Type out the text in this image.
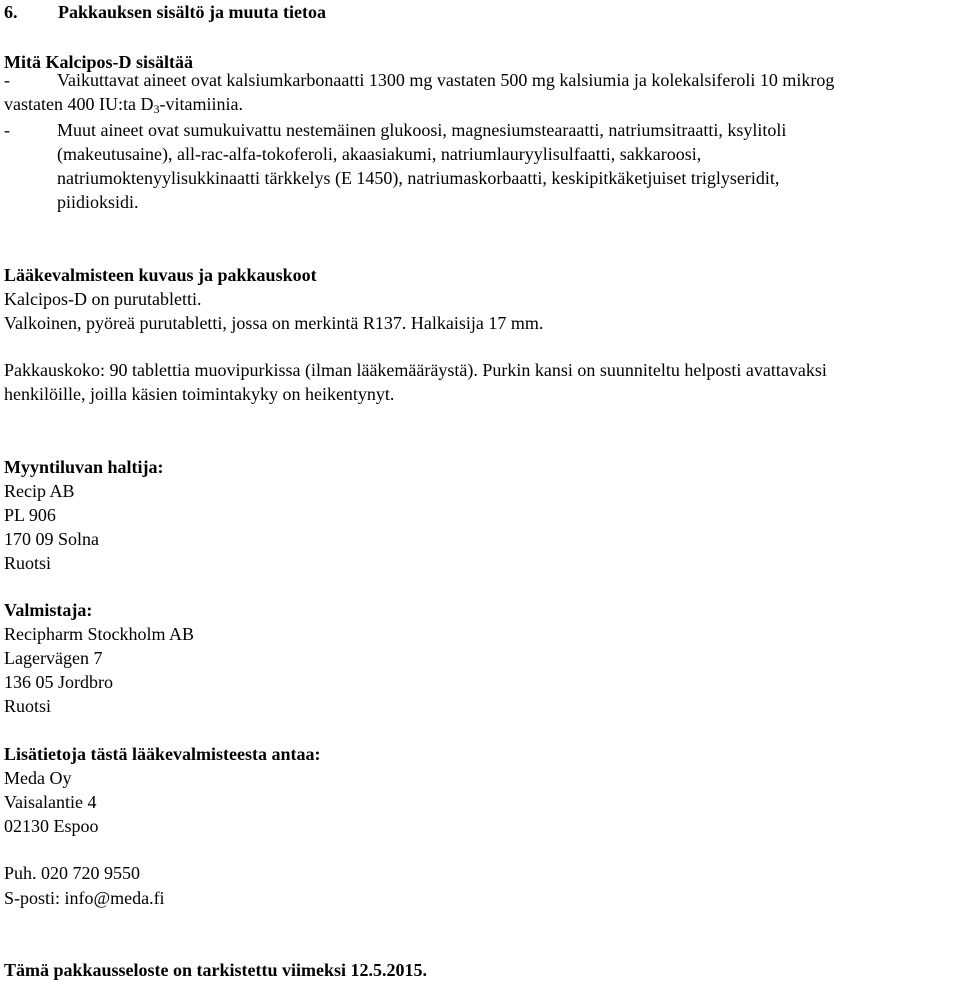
6. Pakkauksen sisältö ja muuta tietoa
Mitä Kalcipos-D sisältää
-	Vaikuttavat aineet ovat kalsiumkarbonaatti 1300 mg vastaten 500 mg kalsiumia ja kolekalsiferoli 10 mikrog
vastaten 400 IU:ta $D_3$-vitamiinia.
-	Muut aineet ovat sumukuivattu nestemäinen glukoosi, magnesiumstearaatti, natriumsitraatti, ksylitoli
(makeutusaine), all-rac-alfa-tokoferoli, akaasiakumi, natriumlauryylisulfaatti, sakkaroosi,
natriumoktenyylisukkinaatti tärkkelys (E 1450), natriumaskorbaatti, keskipitkäketjuiset triglyseridit,
piidioksidi.
Lääkevalmisteen kuvaus ja pakkauskoot
Kalcipos-D on purutabletti.
Valkoinen, pyöreä purutabletti, jossa on merkintä R137. Halkaisija 17 mm.
Pakkauskoko: 90 tablettia muovipurkissa (ilman lääkemääräystä). Purkin kansi on suunniteltu helposti avattavaksi
henkilöille, joilla käsien toimintakyky on heikentynyt.
Myyntiluvan haltija:
Recip AB
PL 906
170 09 Solna
Ruotsi
Valmistaja:
Recipharm Stockholm AB
Lagervägen 7
136 05 Jordbro
Ruotsi
Lisätietoja tästä lääkevalmisteesta antaa:
Meda Oy
Vaisalantie 4
02130 Espoo
Puh. 020 720 9550
S-posti: info@meda.fi
Tämä pakkausseloste on tarkistettu viimeksi 12.5.2015.
